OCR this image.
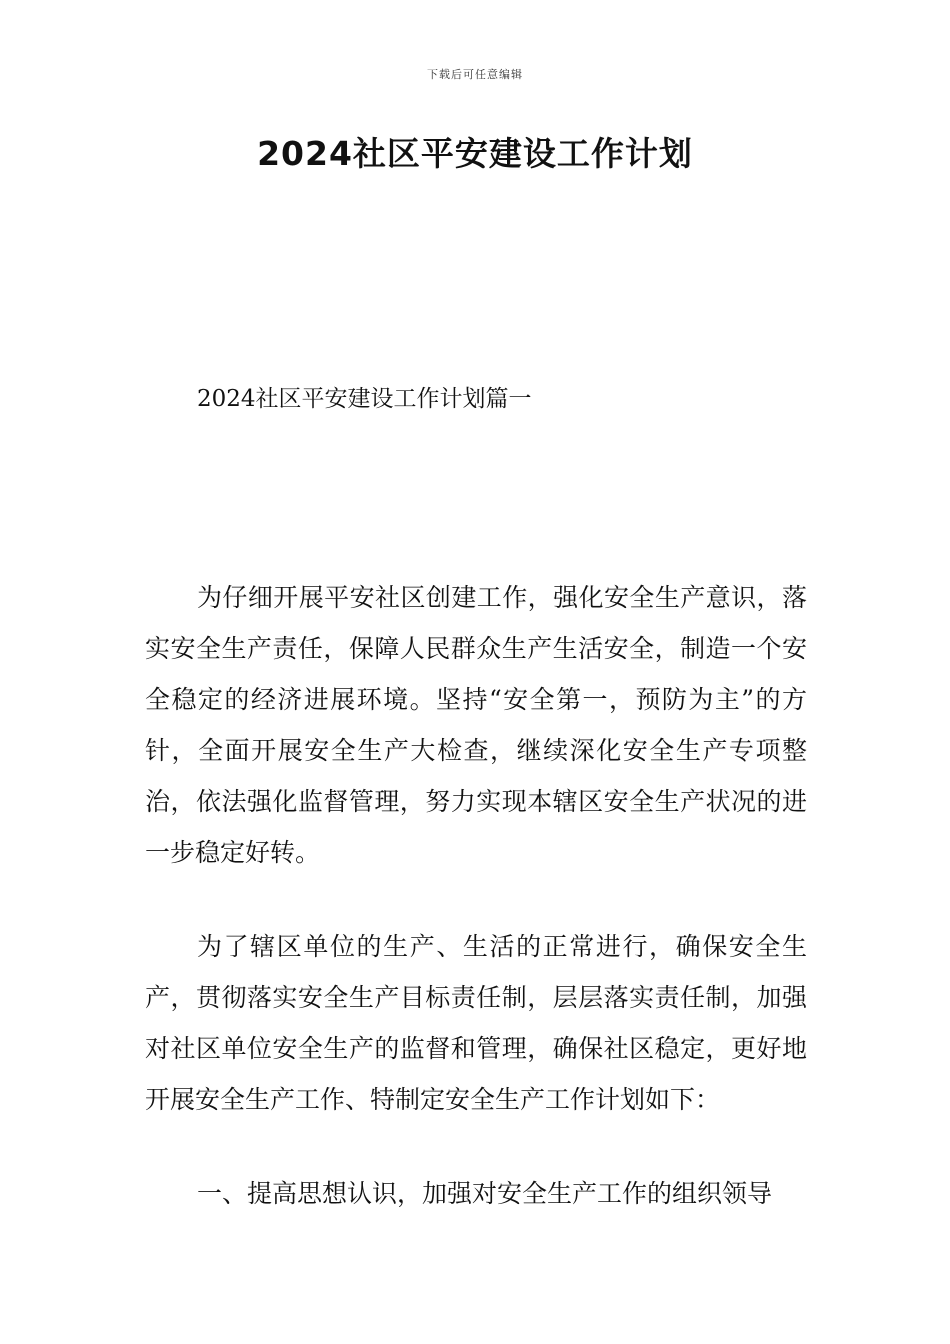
下载后可任意编辑
2024社区平安建设工作计划
2024社区平安建设工作计划篇一

为仔细开展平安社区创建工作，强化安全生产意识，落实安全生产责任，保障人民群众生产生活安全，制造一个安全稳定的经济进展环境。坚持“安全第一，预防为主”的方针，全面开展安全生产大检查，继续深化安全生产专项整治，依法强化监督管理，努力实现本辖区安全生产状况的进一步稳定好转。

为了辖区单位的生产、生活的正常进行，确保安全生产，贯彻落实安全生产目标责任制，层层落实责任制，加强对社区单位安全生产的监督和管理，确保社区稳定，更好地开展安全生产工作、特制定安全生产工作计划如下：

一、提高思想认识，加强对安全生产工作的组织领导
